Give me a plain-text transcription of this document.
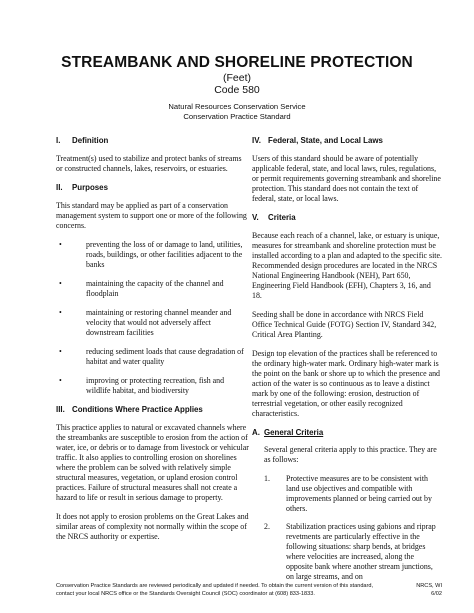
STREAMBANK AND SHORELINE PROTECTION
(Feet)
Code 580
Natural Resources Conservation Service
Conservation Practice Standard
I.	Definition
Treatment(s) used to stabilize and protect banks of streams or constructed channels, lakes, reservoirs, or estuaries.
II.	Purposes
This standard may be applied as part of a conservation management system to support one or more of the following concerns.
• preventing the loss of or damage to land, utilities, roads, buildings, or other facilities adjacent to the banks
• maintaining the capacity of the channel and floodplain
• maintaining or restoring channel meander and velocity that would not adversely affect downstream facilities
• reducing sediment loads that cause degradation of habitat and water quality
• improving or protecting recreation, fish and wildlife habitat, and biodiversity
III. Conditions Where Practice Applies
This practice applies to natural or excavated channels where the streambanks are susceptible to erosion from the action of water, ice, or debris or to damage from livestock or vehicular traffic. It also applies to controlling erosion on shorelines where the problem can be solved with relatively simple structural measures, vegetation, or upland erosion control practices. Failure of structural measures shall not create a hazard to life or result in serious damage to property.
It does not apply to erosion problems on the Great Lakes and similar areas of complexity not normally within the scope of the NRCS authority or expertise.
IV. Federal, State, and Local Laws
Users of this standard should be aware of potentially applicable federal, state, and local laws, rules, regulations, or permit requirements governing streambank and shoreline protection. This standard does not contain the text of federal, state, or local laws.
V.	Criteria
Because each reach of a channel, lake, or estuary is unique, measures for streambank and shoreline protection must be installed according to a plan and adapted to the specific site. Recommended design procedures are located in the NRCS National Engineering Handbook (NEH), Part 650, Engineering Field Handbook (EFH), Chapters 3, 16, and 18.
Seeding shall be done in accordance with NRCS Field Office Technical Guide (FOTG) Section IV, Standard 342, Critical Area Planting.
Design top elevation of the practices shall be referenced to the ordinary high-water mark. Ordinary high-water mark is the point on the bank or shore up to which the presence and action of the water is so continuous as to leave a distinct mark by one of the following: erosion, destruction of terrestrial vegetation, or other easily recognized characteristics.
A. General Criteria
Several general criteria apply to this practice. They are as follows:
1. Protective measures are to be consistent with land use objectives and compatible with improvements planned or being carried out by others.
2. Stabilization practices using gabions and riprap revetments are particularly effective in the following situations: sharp bends, at bridges where velocities are increased, along the opposite bank where another stream junctions, on large streams, and on
Conservation Practice Standards are reviewed periodically and updated if needed. To obtain the current version of this standard, contact your local NRCS office or the Standards Oversight Council (SOC) coordinator at (608) 833-1833.
NRCS, WI
6/02
